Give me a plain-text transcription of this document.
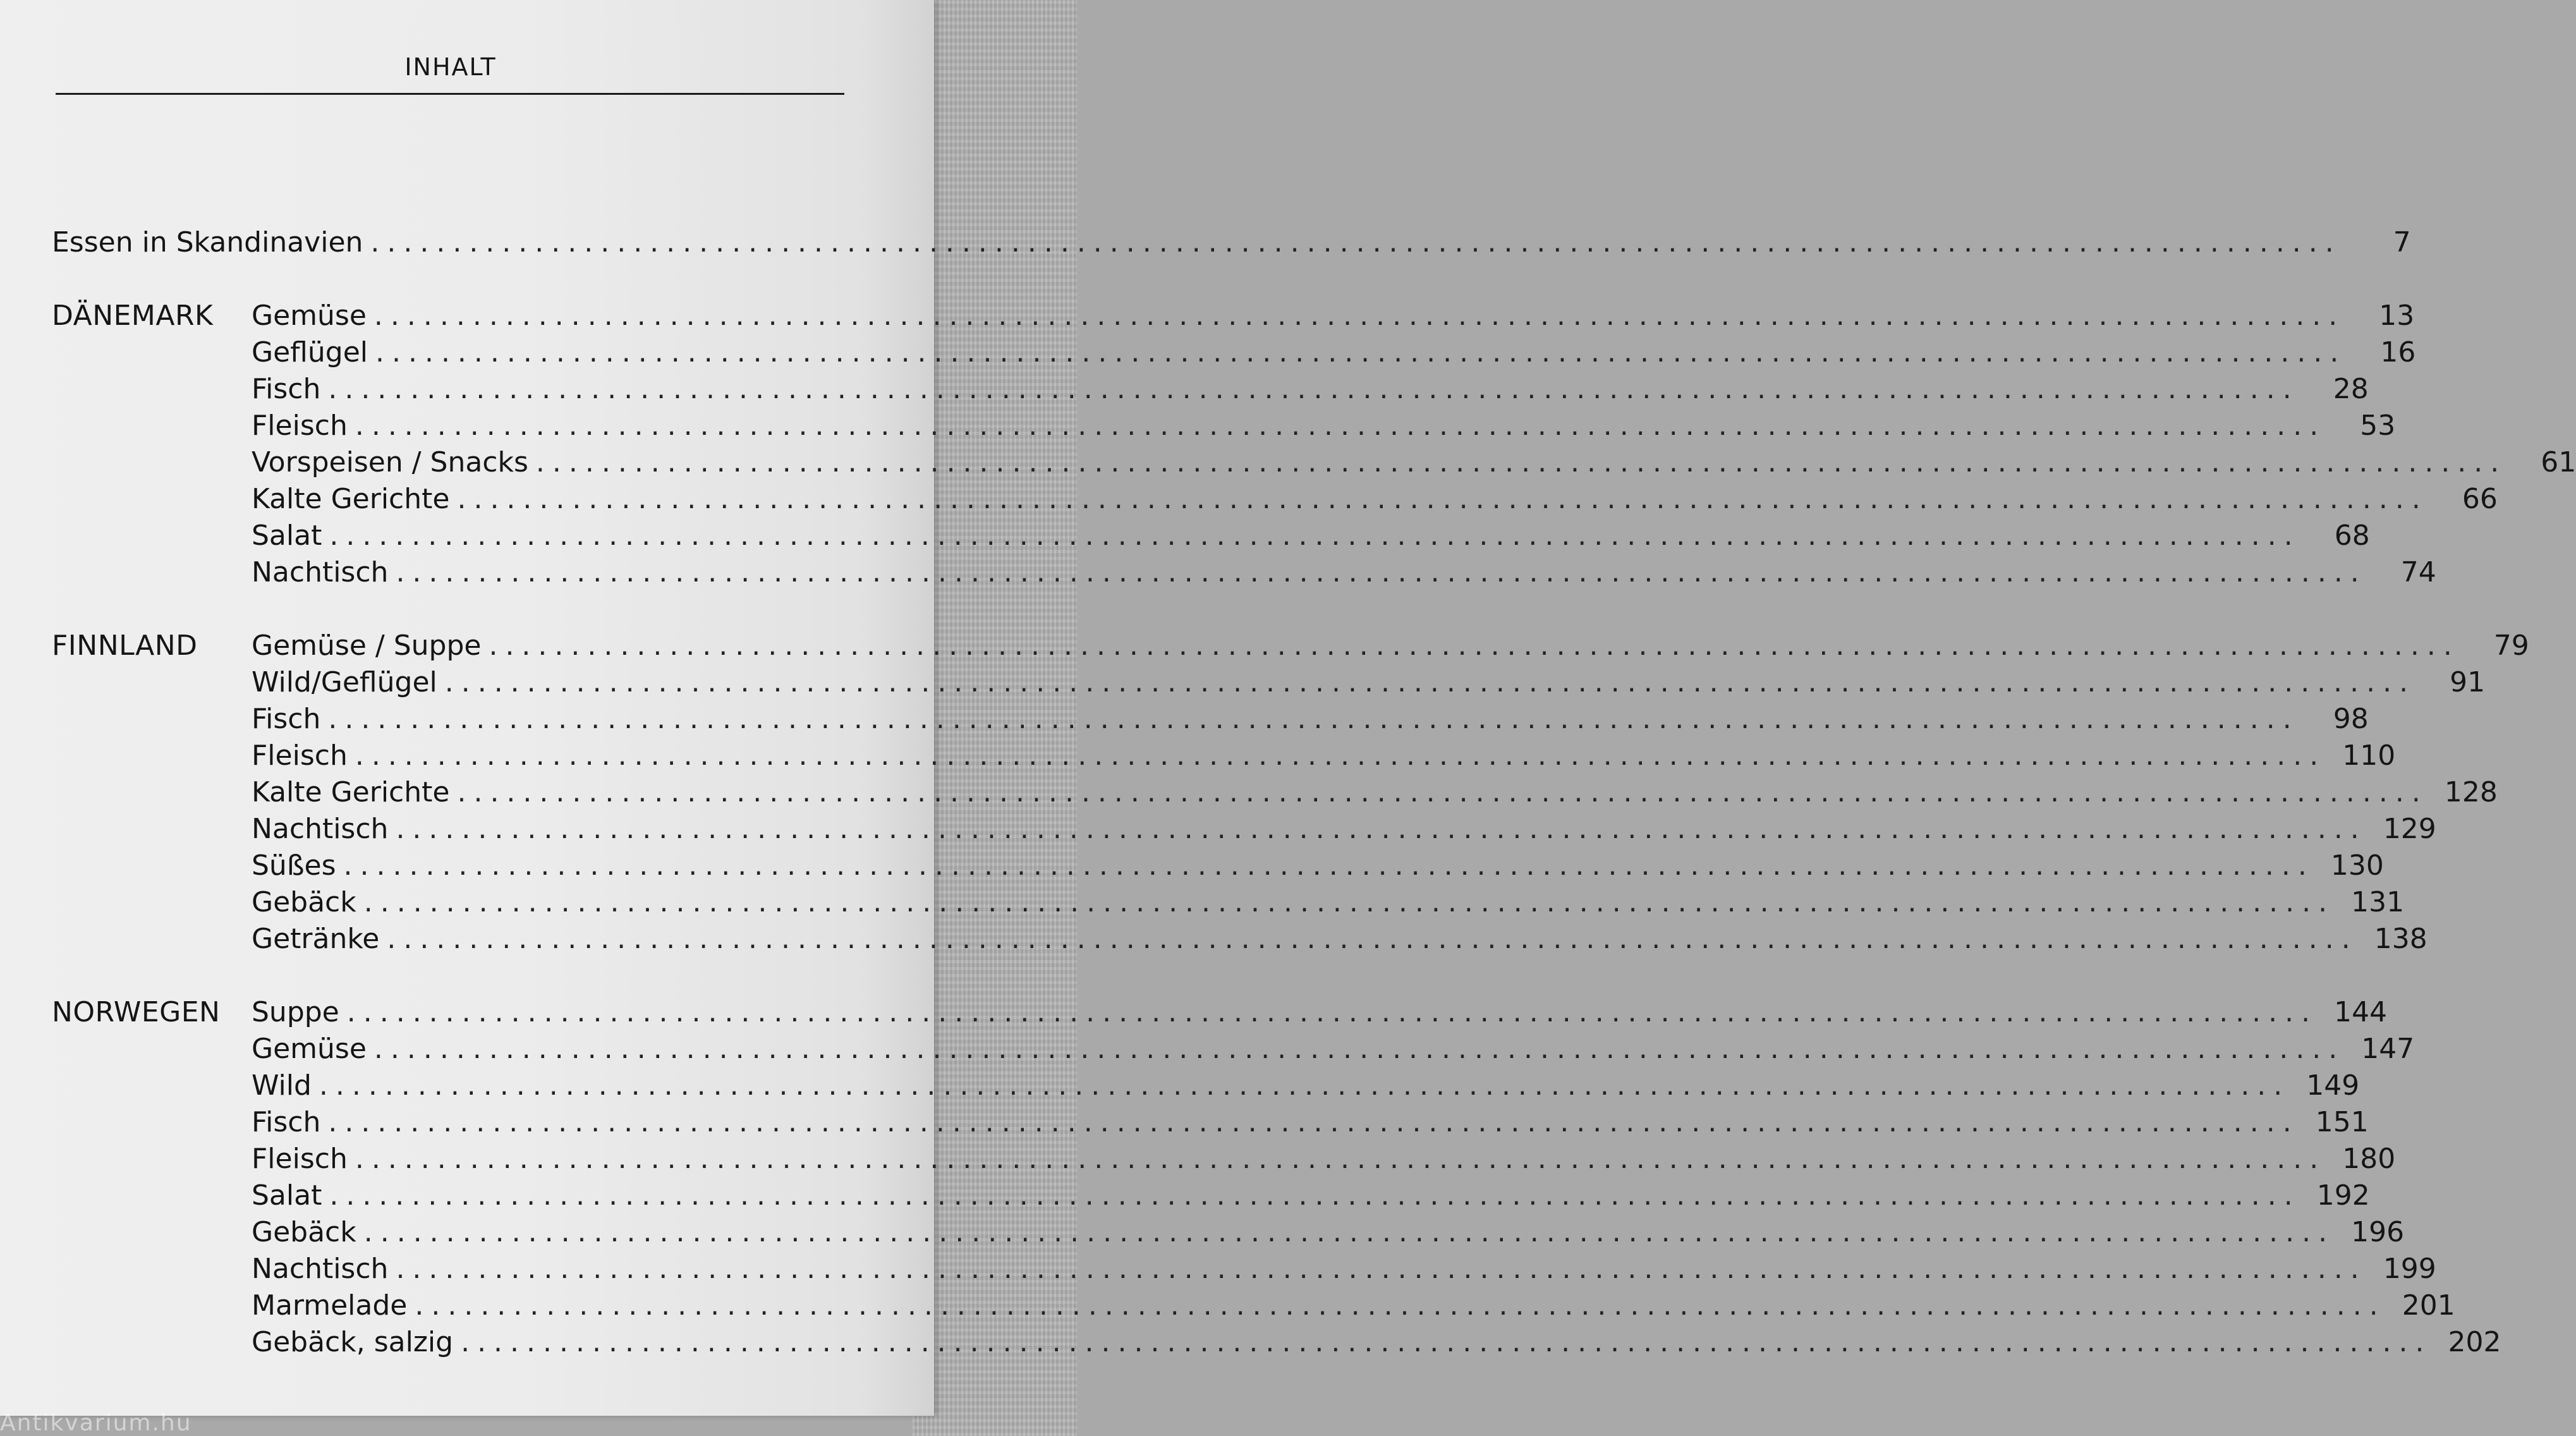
INHALT
Essen in Skandinavien ........................................................................................................................	7
DÄNEMARK Gemüse ........................................................................................................................	13
Geflügel ........................................................................................................................	16
Fisch ........................................................................................................................	28
Fleisch ........................................................................................................................	53
Vorspeisen / Snacks ........................................................................................................................	61
Kalte Gerichte ........................................................................................................................	66
Salat ........................................................................................................................	68
Nachtisch ........................................................................................................................	74
FINNLAND Gemüse / Suppe ........................................................................................................................	79
Wild/Geflügel ........................................................................................................................	91
Fisch ........................................................................................................................	98
Fleisch ........................................................................................................................ 110
Kalte Gerichte ........................................................................................................................ 128
Nachtisch ........................................................................................................................ 129
Süßes ........................................................................................................................ 130
Gebäck ........................................................................................................................ 131
Getränke ........................................................................................................................ 138
NORWEGEN Suppe ........................................................................................................................ 144
Gemüse ........................................................................................................................ 147
Wild ........................................................................................................................ 149
Fisch ........................................................................................................................ 151
Fleisch ........................................................................................................................ 180
Salat ........................................................................................................................ 192
Gebäck ........................................................................................................................ 196
Nachtisch ........................................................................................................................ 199
Marmelade ........................................................................................................................ 201
Gebäck, salzig ........................................................................................................................ 202
Antikvarium.hu
